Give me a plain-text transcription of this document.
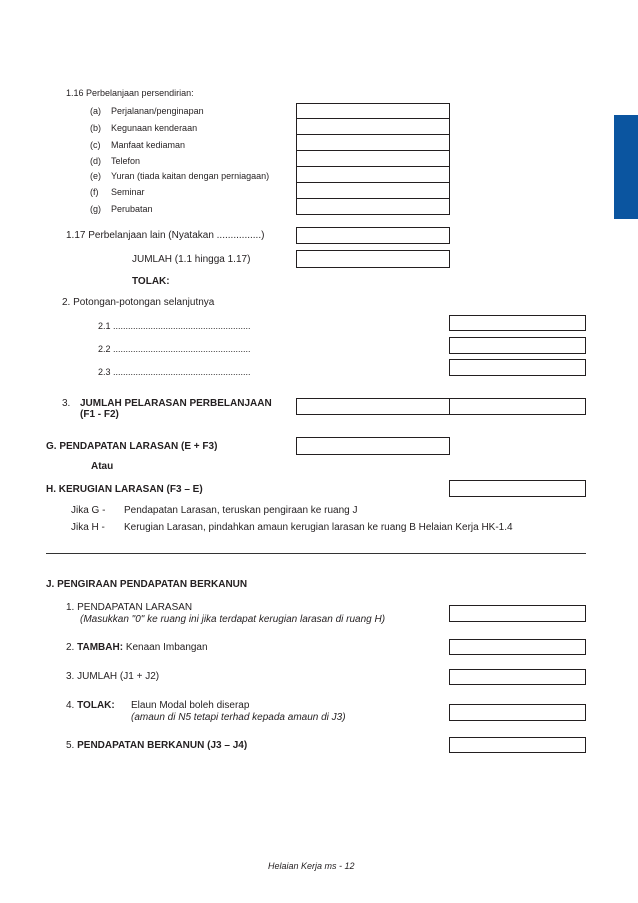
1.16 Perbelanjaan persendirian:
(a) Perjalanan/penginapan
(b) Kegunaan kenderaan
(c) Manfaat kediaman
(d) Telefon
(e) Yuran (tiada kaitan dengan perniagaan)
(f) Seminar
(g) Perubatan
1.17 Perbelanjaan lain (Nyatakan ................)
JUMLAH (1.1 hingga 1.17)
TOLAK:
2. Potongan-potongan selanjutnya
2.1 .......................................................
2.2 .......................................................
2.3 .......................................................
3. JUMLAH PELARASAN PERBELANJAAN
(F1 - F2)
G. PENDAPATAN LARASAN (E + F3)
Atau
H. KERUGIAN LARASAN (F3 – E)
Jika G - Pendapatan Larasan, teruskan pengiraan ke ruang J
Jika H - Kerugian Larasan, pindahkan amaun kerugian larasan ke ruang B Helaian Kerja HK-1.4
J. PENGIRAAN PENDAPATAN BERKANUN
1. PENDAPATAN LARASAN
(Masukkan "0" ke ruang ini jika terdapat kerugian larasan di ruang H)
2. TAMBAH: Kenaan Imbangan
3. JUMLAH (J1 + J2)
4. TOLAK: Elaun Modal boleh diserap
(amaun di N5 tetapi terhad kepada amaun di J3)
5. PENDAPATAN BERKANUN (J3 – J4)
Helaian Kerja ms - 12
